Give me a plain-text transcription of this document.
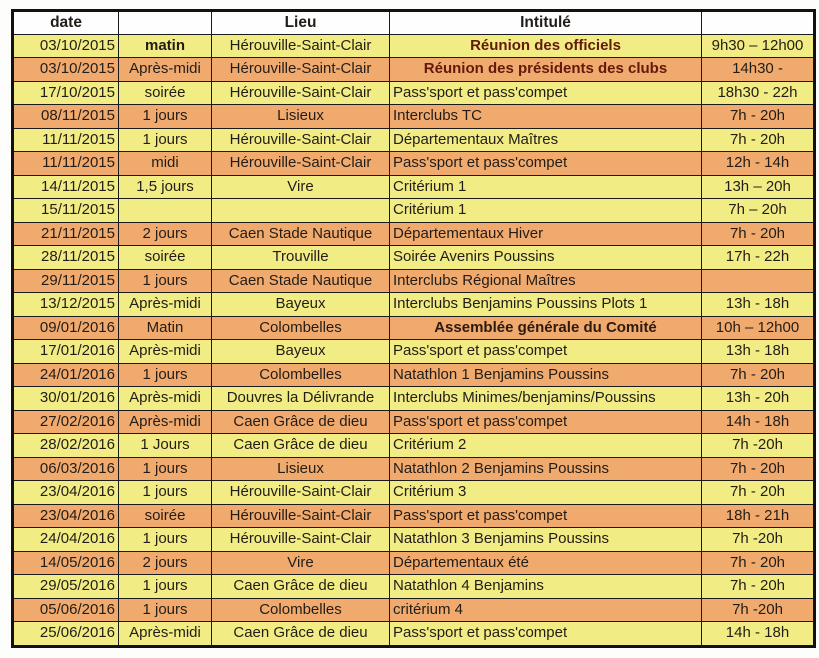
date		Lieu	Intitulé	
03/10/2015	matin	Hérouville-Saint-Clair	Réunion des officiels	9h30 – 12h00
03/10/2015	Après-midi	Hérouville-Saint-Clair	Réunion des présidents des clubs	14h30 -
17/10/2015	soirée	Hérouville-Saint-Clair	Pass'sport et pass'compet	18h30 - 22h
08/11/2015	1 jours	Lisieux	Interclubs TC	7h - 20h
11/11/2015	1 jours	Hérouville-Saint-Clair	Départementaux Maîtres	7h - 20h
11/11/2015	midi	Hérouville-Saint-Clair	Pass'sport et pass'compet	12h - 14h
14/11/2015	1,5 jours	Vire	Critérium 1	13h – 20h
15/11/2015			Critérium 1	7h – 20h
21/11/2015	2 jours	Caen Stade Nautique	Départementaux Hiver	7h - 20h
28/11/2015	soirée	Trouville	Soirée Avenirs Poussins	17h - 22h
29/11/2015	1 jours	Caen Stade Nautique	Interclubs Régional Maîtres	
13/12/2015	Après-midi	Bayeux	Interclubs Benjamins Poussins Plots 1	13h - 18h
09/01/2016	Matin	Colombelles	Assemblée générale du Comité	10h – 12h00
17/01/2016	Après-midi	Bayeux	Pass'sport et pass'compet	13h - 18h
24/01/2016	1 jours	Colombelles	Natathlon 1 Benjamins Poussins	7h - 20h
30/01/2016	Après-midi	Douvres la Délivrande	Interclubs Minimes/benjamins/Poussins	13h - 20h
27/02/2016	Après-midi	Caen Grâce de dieu	Pass'sport et pass'compet	14h - 18h
28/02/2016	1 Jours	Caen Grâce de dieu	Critérium 2	7h -20h
06/03/2016	1 jours	Lisieux	Natathlon 2 Benjamins Poussins	7h - 20h
23/04/2016	1 jours	Hérouville-Saint-Clair	Critérium 3	7h - 20h
23/04/2016	soirée	Hérouville-Saint-Clair	Pass'sport et pass'compet	18h - 21h
24/04/2016	1 jours	Hérouville-Saint-Clair	Natathlon 3 Benjamins Poussins	7h -20h
14/05/2016	2 jours	Vire	Départementaux été	7h - 20h
29/05/2016	1 jours	Caen Grâce de dieu	Natathlon 4 Benjamins	7h - 20h
05/06/2016	1 jours	Colombelles	critérium 4	7h -20h
25/06/2016	Après-midi	Caen Grâce de dieu	Pass'sport et pass'compet	14h - 18h
